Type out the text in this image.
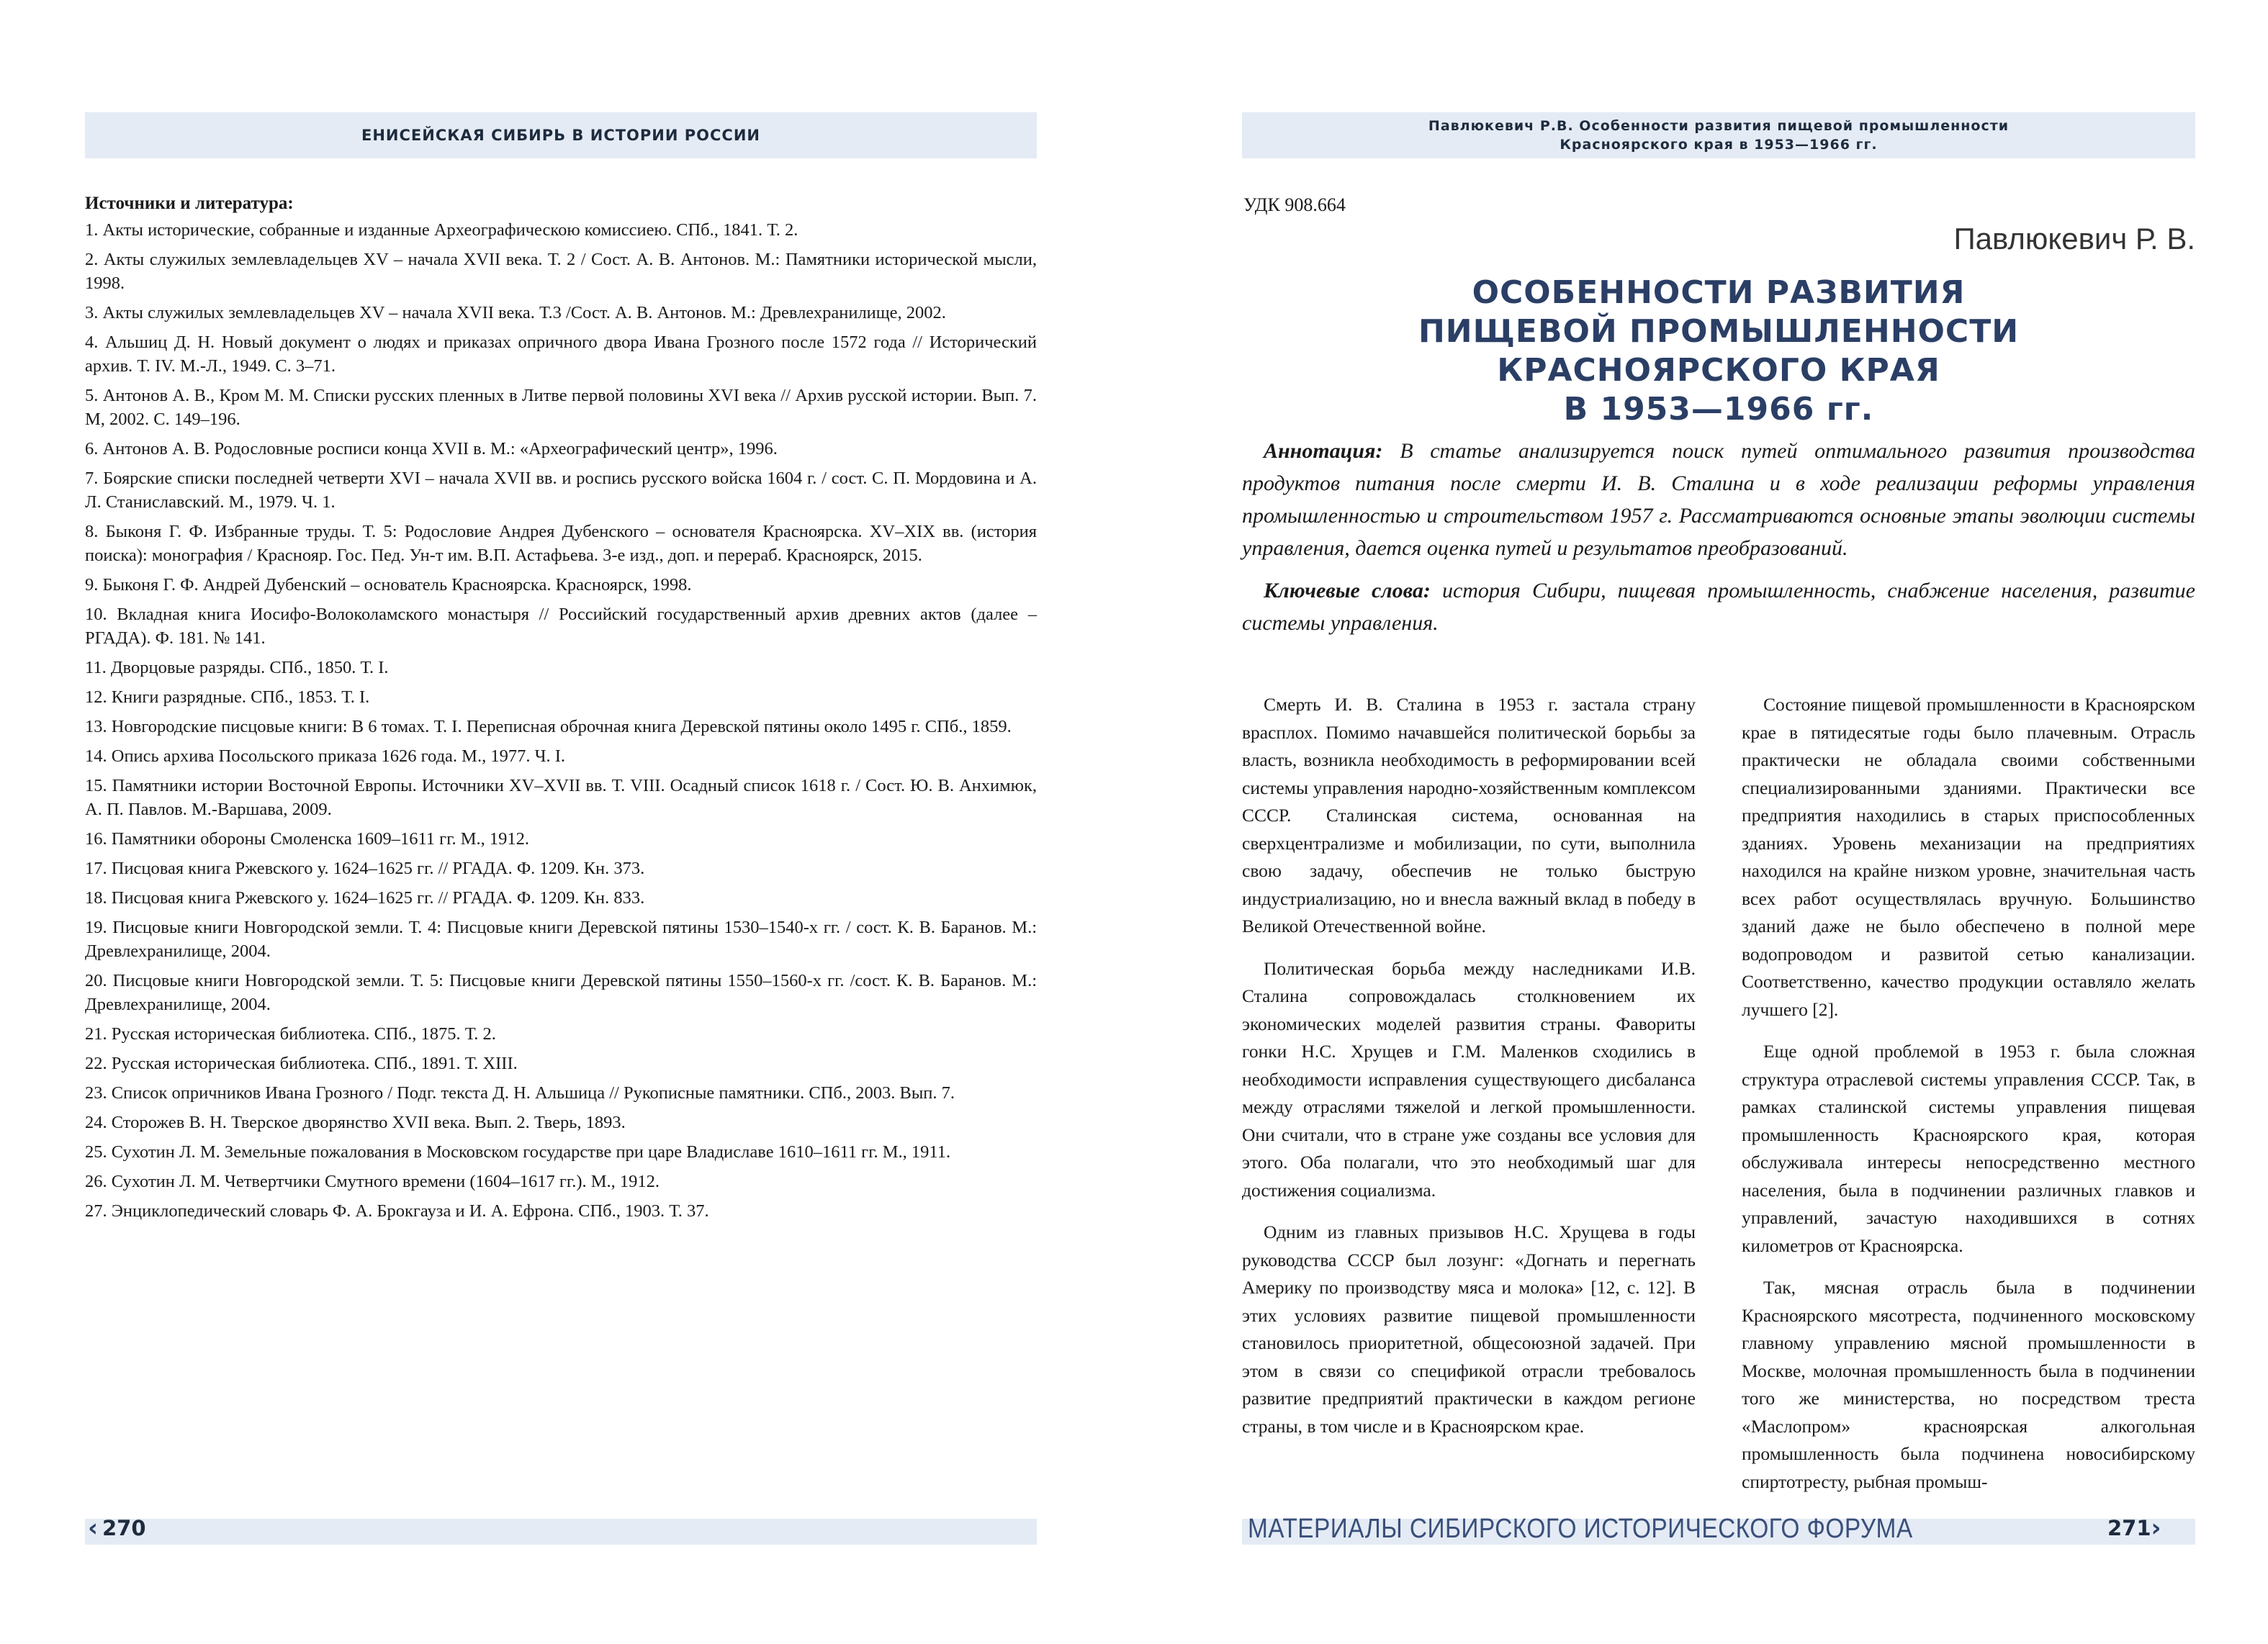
ЕНИСЕЙСКАЯ СИБИРЬ В ИСТОРИИ РОССИИ
Источники и литература:
1. Акты исторические, собранные и изданные Археографическою комиссиею. СПб., 1841. Т. 2.
2. Акты служилых землевладельцев XV – начала XVII века. Т. 2 / Сост. А. В. Антонов. М.: Памятники исторической мысли, 1998.
3. Акты служилых землевладельцев XV – начала XVII века. Т.3 /Сост. А. В. Антонов. М.: Древлехранилище, 2002.
4. Альшиц Д. Н. Новый документ о людях и приказах опричного двора Ивана Грозного после 1572 года // Исторический архив. Т. IV. М.-Л., 1949. С. 3–71.
5. Антонов А. В., Кром М. М. Списки русских пленных в Литве первой половины XVI века // Архив русской истории. Вып. 7. М, 2002. С. 149–196.
6. Антонов А. В. Родословные росписи конца XVII в. М.: «Археографический центр», 1996.
7. Боярские списки последней четверти XVI – начала XVII вв. и роспись русского войска 1604 г. / сост. С. П. Мордовина и А. Л. Станиславский. М., 1979. Ч. 1.
8. Быконя Г. Ф. Избранные труды. Т. 5: Родословие Андрея Дубенского – основателя Красноярска. XV–XIX вв. (история поиска): монография / Краснояр. Гос. Пед. Ун-т им. В.П. Астафьева. 3-е изд., доп. и перераб. Красноярск, 2015.
9. Быконя Г. Ф. Андрей Дубенский – основатель Красноярска. Красноярск, 1998.
10. Вкладная книга Иосифо-Волоколамского монастыря // Российский государственный архив древних актов (далее – РГАДА). Ф. 181. № 141.
11. Дворцовые разряды. СПб., 1850. Т. I.
12. Книги разрядные. СПб., 1853. Т. I.
13. Новгородские писцовые книги: В 6 томах. Т. I. Переписная оброчная книга Деревской пятины около 1495 г. СПб., 1859.
14. Опись архива Посольского приказа 1626 года. М., 1977. Ч. I.
15. Памятники истории Восточной Европы. Источники XV–XVII вв. Т. VIII. Осадный список 1618 г. / Сост. Ю. В. Анхимюк, А. П. Павлов. М.-Варшава, 2009.
16. Памятники обороны Смоленска 1609–1611 гг. М., 1912.
17. Писцовая книга Ржевского у. 1624–1625 гг. // РГАДА. Ф. 1209. Кн. 373.
18. Писцовая книга Ржевского у. 1624–1625 гг. // РГАДА. Ф. 1209. Кн. 833.
19. Писцовые книги Новгородской земли. Т. 4: Писцовые книги Деревской пятины 1530–1540-х гг. / сост. К. В. Баранов. М.: Древлехранилище, 2004.
20. Писцовые книги Новгородской земли. Т. 5: Писцовые книги Деревской пятины 1550–1560-х гг. /сост. К. В. Баранов. М.: Древлехранилище, 2004.
21. Русская историческая библиотека. СПб., 1875. Т. 2.
22. Русская историческая библиотека. СПб., 1891. Т. XIII.
23. Список опричников Ивана Грозного / Подг. текста Д. Н. Альшица // Рукописные памятники. СПб., 2003. Вып. 7.
24. Сторожев В. Н. Тверское дворянство XVII века. Вып. 2. Тверь, 1893.
25. Сухотин Л. М. Земельные пожалования в Московском государстве при царе Владиславе 1610–1611 гг. М., 1911.
26. Сухотин Л. М. Четвертчики Смутного времени (1604–1617 гг.). М., 1912.
27. Энциклопедический словарь Ф. А. Брокгауза и И. А. Ефрона. СПб., 1903. Т. 37.
‹ 270
Павлюкевич Р.В. Особенности развития пищевой промышленности
Красноярского края в 1953—1966 гг.
УДК 908.664
Павлюкевич Р. В.
ОСОБЕННОСТИ РАЗВИТИЯ
ПИЩЕВОЙ ПРОМЫШЛЕННОСТИ
КРАСНОЯРСКОГО КРАЯ
В 1953—1966 гг.

Аннотация: В статье анализируется поиск путей оптимального развития производства продуктов питания после смерти И. В. Сталина и в ходе реализации реформы управления промышленностью и строительством 1957 г. Рассматриваются основные этапы эволюции системы управления, дается оценка путей и результатов преобразований.

Ключевые слова: история Сибири, пищевая промышленность, снабжение населения, развитие системы управления.

Смерть И. В. Сталина в 1953 г. застала страну врасплох. Помимо начавшейся политической борьбы за власть, возникла необходимость в реформировании всей системы управления народно-хозяйственным комплексом СССР. Сталинская система, основанная на сверхцентрализме и мобилизации, по сути, выполнила свою задачу, обеспечив не только быструю индустриализацию, но и внесла важный вклад в победу в Великой Отечественной войне.

Политическая борьба между наследниками И.В. Сталина сопровождалась столкновением их экономических моделей развития страны. Фавориты гонки Н.С. Хрущев и Г.М. Маленков сходились в необходимости исправления существующего дисбаланса между отраслями тяжелой и легкой промышленности. Они считали, что в стране уже созданы все условия для этого. Оба полагали, что это необходимый шаг для достижения социализма.

Одним из главных призывов Н.С. Хрущева в годы руководства СССР был лозунг: «Догнать и перегнать Америку по производству мяса и молока» [12, с. 12]. В этих условиях развитие пищевой промышленности становилось приоритетной, общесоюзной задачей. При этом в связи со спецификой отрасли требовалось развитие предприятий практически в каждом регионе страны, в том числе и в Красноярском крае.

Состояние пищевой промышленности в Красноярском крае в пятидесятые годы было плачевным. Отрасль практически не обладала своими собственными специализированными зданиями. Практически все предприятия находились в старых приспособленных зданиях. Уровень механизации на предприятиях находился на крайне низком уровне, значительная часть всех работ осуществлялась вручную. Большинство зданий даже не было обеспечено в полной мере водопроводом и развитой сетью канализации. Соответственно, качество продукции оставляло желать лучшего [2].

Еще одной проблемой в 1953 г. была сложная структура отраслевой системы управления СССР. Так, в рамках сталинской системы управления пищевая промышленность Красноярского края, которая обслуживала интересы непосредственно местного населения, была в подчинении различных главков и управлений, зачастую находившихся в сотнях километров от Красноярска.

Так, мясная отрасль была в подчинении Красноярского мясотреста, подчиненного московскому главному управлению мясной промышленности в Москве, молочная промышленность была в подчинении того же министерства, но посредством треста «Маслопром» красноярская алкогольная промышленность была подчинена новосибирскому спиртотресту, рыбная промыш-

МАТЕРИАЛЫ СИБИРСКОГО ИСТОРИЧЕСКОГО ФОРУМА	271 ›
